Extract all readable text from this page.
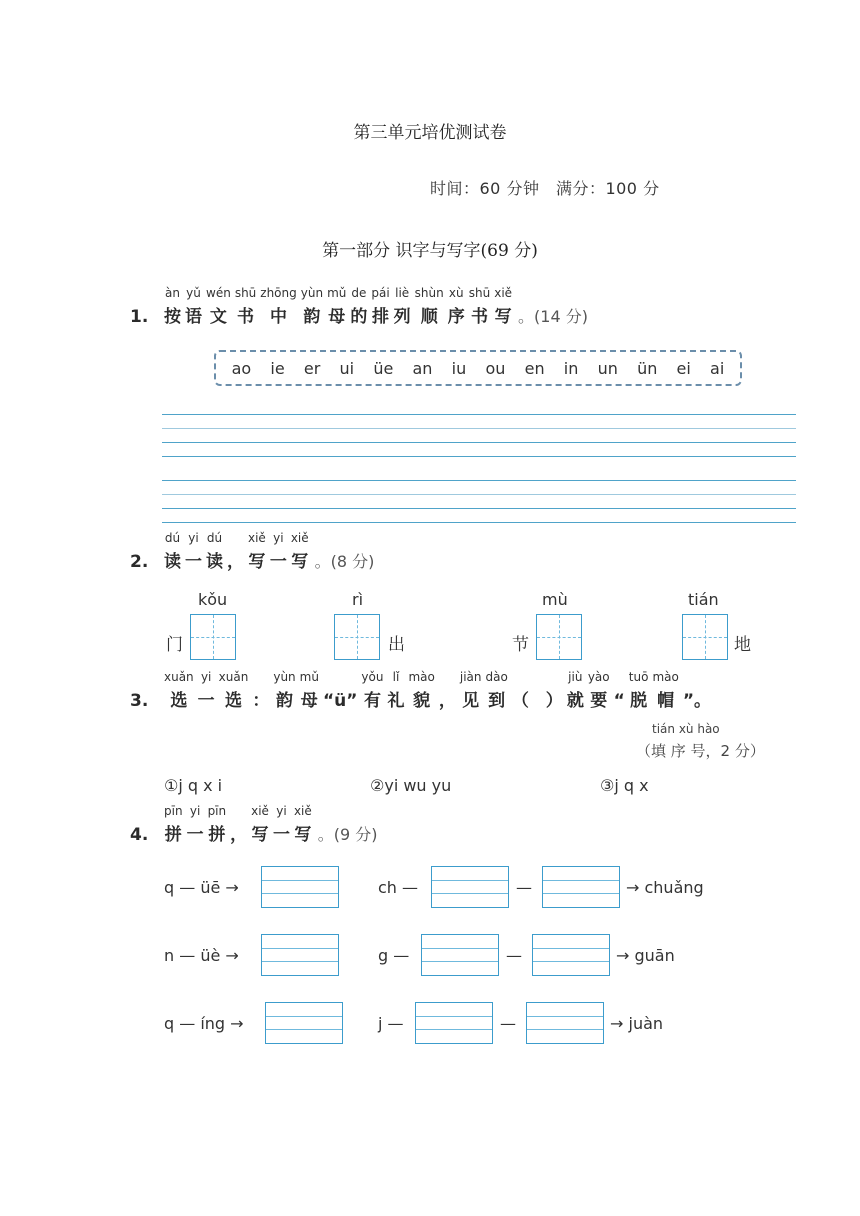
第三单元培优测试卷
时间：60 分钟　满分：100 分
第一部分 识字与写字(69 分)
1.
àn
按
yǔ
语
wén
文
shū
书
zhōng
中
yùn
韵
mǔ
母
de
的
pái
排
liè
列
shùn
顺
xù
序
shū
书
xiě
写 。(14 分)
ao ie er ui üe an iu ou en in un ün ei ai
2.
dú
读
yi
一
dú
读 ，
xiě
写
yi
一
xiě
写 。(8 分)
kǒu
门
rì
出
mù
节
tián
地
3.
xuǎn
选
yi
一
xuǎn
选 ：
yùn
韵
mǔ
母 “ü”
yǒu
有
lǐ
礼
mào
貌 ，
jiàn
见
dào
到 （　）
jiù
就
yào
要 “
tuō
脱
mào
帽 ”。
tián xù hào
（填 序 号，2 分）
①j q x i	②yi wu yu	③j q x
4.
pīn
拼
yi
一
pīn
拼 ，
xiě
写
yi
一
xiě
写 。(9 分)
q — üē →	ch —	—	→ chuǎng
n — üè →	g —	—	→ guān
q — íng →	j —	—	→ juàn
